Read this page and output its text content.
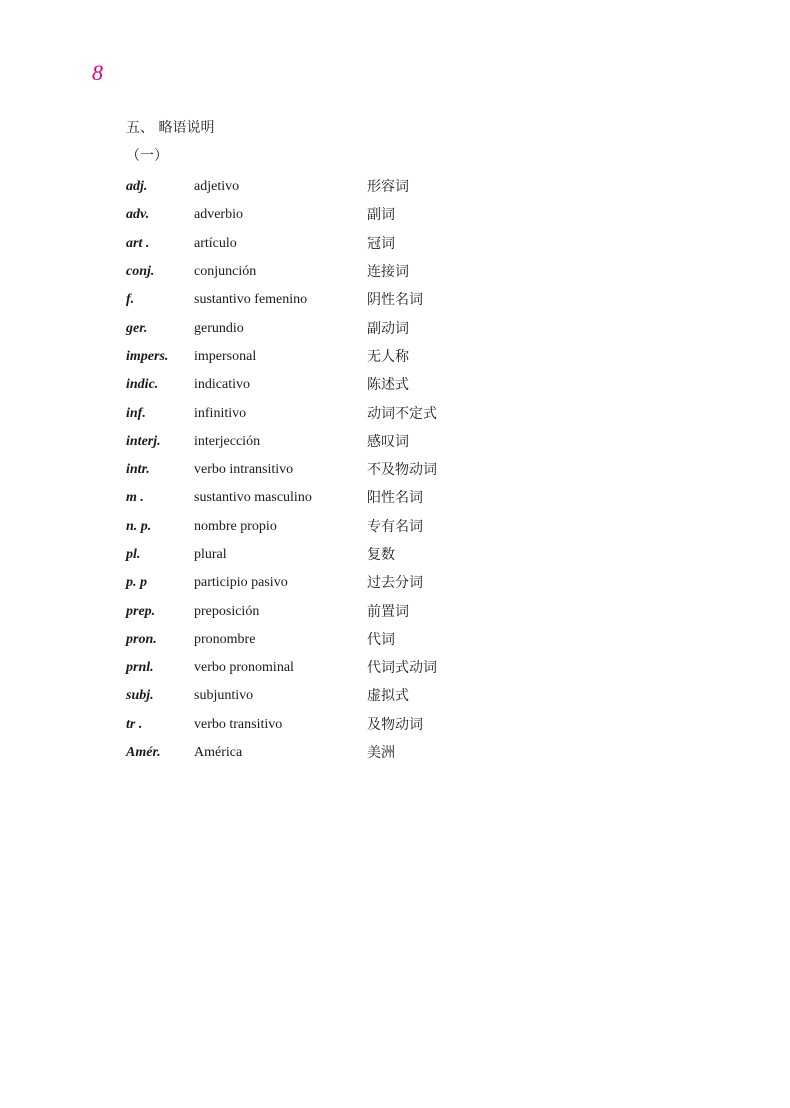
8
五、 略语说明
（一）
adj.	adjetivo	形容词
adv.	adverbio	副词
art .	artículo	冠词
conj.	conjunción	连接词
f.	sustantivo femenino	阴性名词
ger.	gerundio	副动词
impers.	impersonal	无人称
indic.	indicativo	陈述式
inf.	infinitivo	动词不定式
interj.	interjección	感叹词
intr.	verbo intransitivo	不及物动词
m .	sustantivo masculino	阳性名词
n. p.	nombre propio	专有名词
pl.	plural	复数
p. p	participio pasivo	过去分词
prep.	preposición	前置词
pron.	pronombre	代词
prnl.	verbo pronominal	代词式动词
subj.	subjuntivo	虚拟式
tr .	verbo transitivo	及物动词
Amér.	América	美洲
